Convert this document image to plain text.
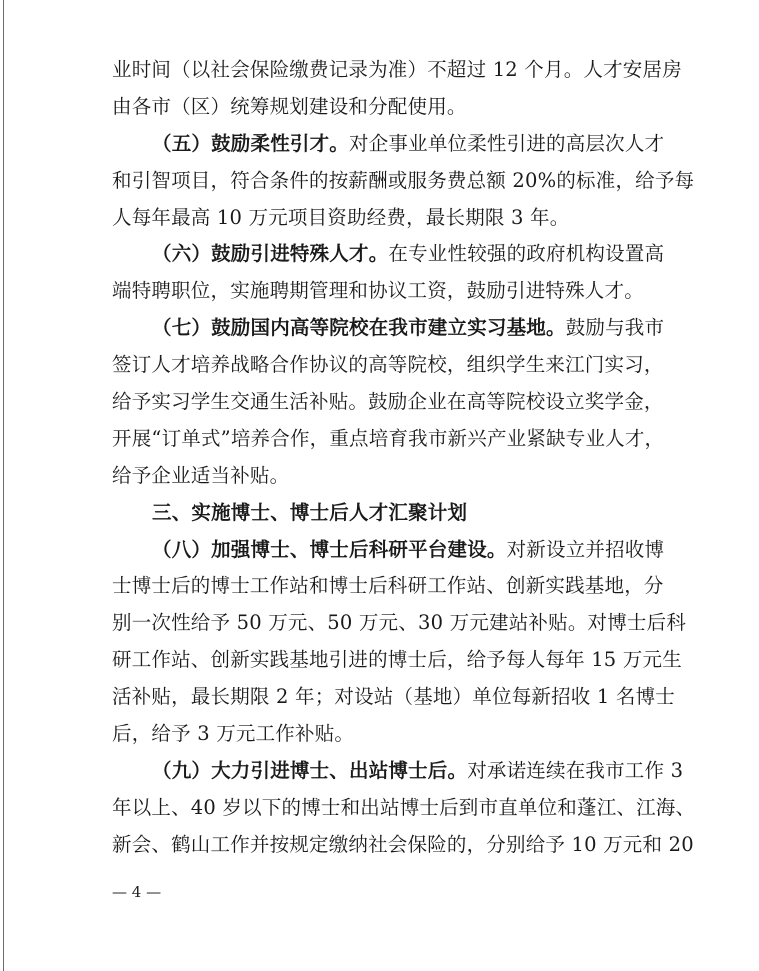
业时间（以社会保险缴费记录为准）不超过 12 个月。人才安居房
由各市（区）统筹规划建设和分配使用。
（五）鼓励柔性引才。对企事业单位柔性引进的高层次人才
和引智项目，符合条件的按薪酬或服务费总额 20%的标准，给予每
人每年最高 10 万元项目资助经费，最长期限 3 年。
（六）鼓励引进特殊人才。在专业性较强的政府机构设置高
端特聘职位，实施聘期管理和协议工资，鼓励引进特殊人才。
（七）鼓励国内高等院校在我市建立实习基地。鼓励与我市
签订人才培养战略合作协议的高等院校，组织学生来江门实习，
给予实习学生交通生活补贴。鼓励企业在高等院校设立奖学金，
开展“订单式”培养合作，重点培育我市新兴产业紧缺专业人才，
给予企业适当补贴。
三、实施博士、博士后人才汇聚计划
（八）加强博士、博士后科研平台建设。对新设立并招收博
士博士后的博士工作站和博士后科研工作站、创新实践基地，分
别一次性给予 50 万元、50 万元、30 万元建站补贴。对博士后科
研工作站、创新实践基地引进的博士后，给予每人每年 15 万元生
活补贴，最长期限 2 年；对设站（基地）单位每新招收 1 名博士
后，给予 3 万元工作补贴。
（九）大力引进博士、出站博士后。对承诺连续在我市工作 3
年以上、40 岁以下的博士和出站博士后到市直单位和蓬江、江海、
新会、鹤山工作并按规定缴纳社会保险的，分别给予 10 万元和 20
— 4 —
